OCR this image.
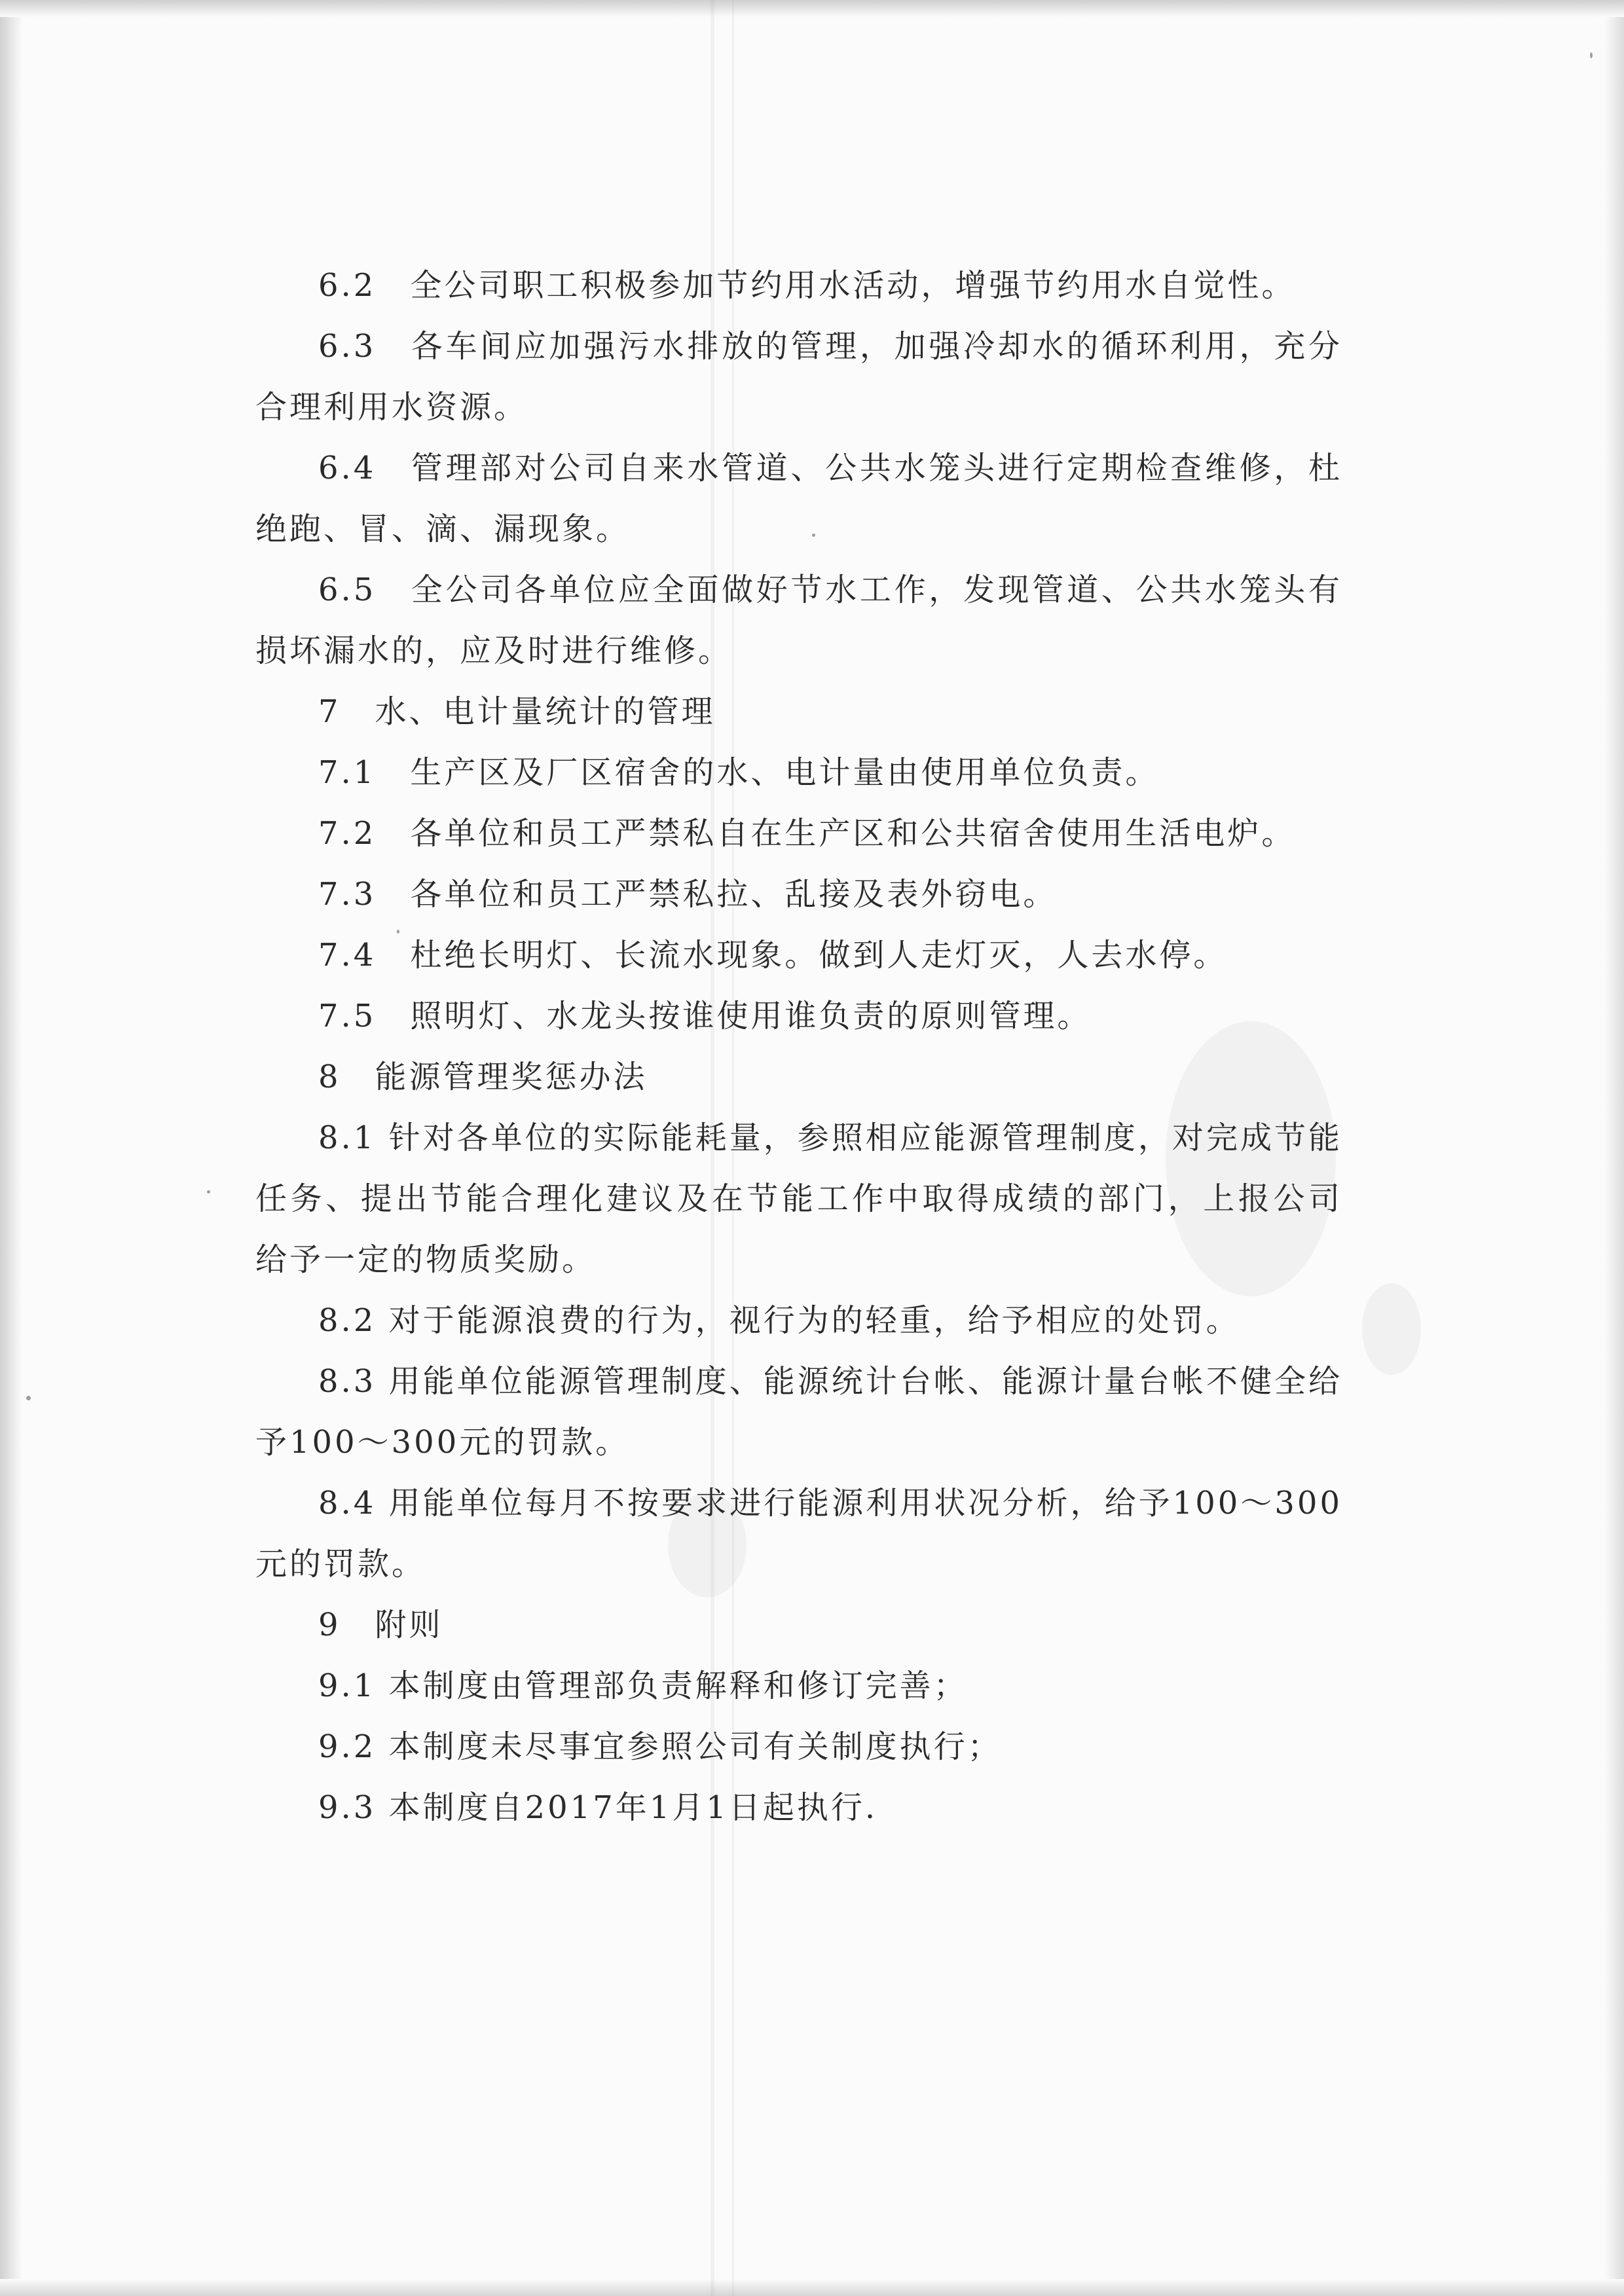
6.2　全公司职工积极参加节约用水活动，增强节约用水自觉性。

6.3　各车间应加强污水排放的管理，加强冷却水的循环利用，充分合理利用水资源。

6.4　管理部对公司自来水管道、公共水笼头进行定期检查维修，杜绝跑、冒、滴、漏现象。

6.5　全公司各单位应全面做好节水工作，发现管道、公共水笼头有损坏漏水的，应及时进行维修。

7　水、电计量统计的管理

7.1　生产区及厂区宿舍的水、电计量由使用单位负责。

7.2　各单位和员工严禁私自在生产区和公共宿舍使用生活电炉。

7.3　各单位和员工严禁私拉、乱接及表外窃电。

7.4　杜绝长明灯、长流水现象。做到人走灯灭，人去水停。

7.5　照明灯、水龙头按谁使用谁负责的原则管理。

8　能源管理奖惩办法

8.1 针对各单位的实际能耗量，参照相应能源管理制度，对完成节能任务、提出节能合理化建议及在节能工作中取得成绩的部门，上报公司给予一定的物质奖励。

8.2 对于能源浪费的行为，视行为的轻重，给予相应的处罚。

8.3 用能单位能源管理制度、能源统计台帐、能源计量台帐不健全给予100～300元的罚款。

8.4 用能单位每月不按要求进行能源利用状况分析，给予100～300元的罚款。

9　附则

9.1 本制度由管理部负责解释和修订完善；

9.2 本制度未尽事宜参照公司有关制度执行；

9.3 本制度自2017年1月1日起执行.
